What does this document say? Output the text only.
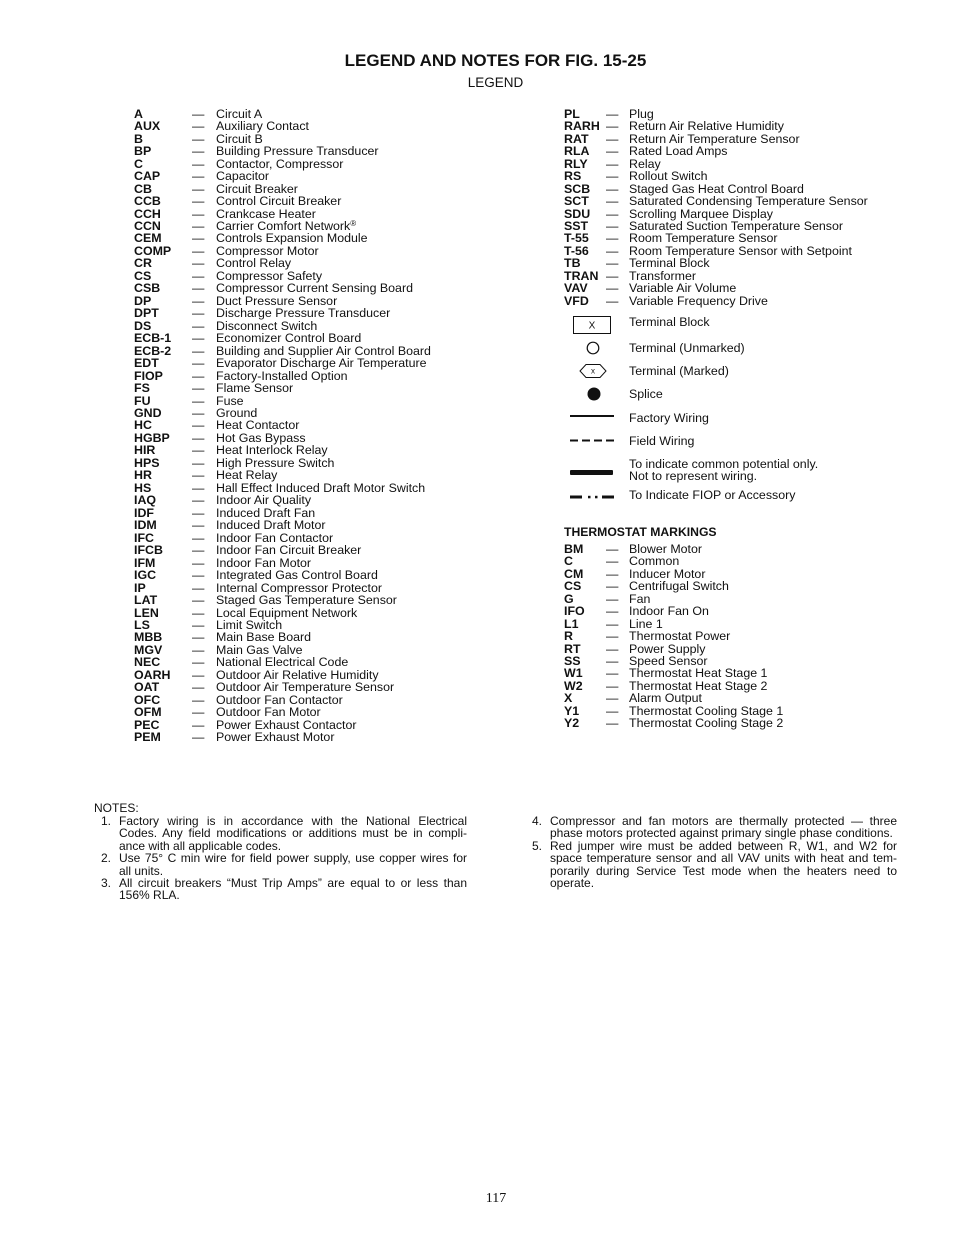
LEGEND AND NOTES FOR FIG. 15-25
LEGEND
A	— Circuit A
AUX	— Auxiliary Contact
B	— Circuit B
BP	— Building Pressure Transducer
C	— Contactor, Compressor
CAP	— Capacitor
CB	— Circuit Breaker
CCB	— Control Circuit Breaker
CCH	— Crankcase Heater
CCN	— Carrier Comfort Network®
CEM — Controls Expansion Module
COMP — Compressor Motor
CR	— Control Relay
CS	— Compressor Safety
CSB	— Compressor Current Sensing Board
DP	— Duct Pressure Sensor
DPT	— Discharge Pressure Transducer
DS	— Disconnect Switch
ECB-1 — Economizer Control Board
ECB-2 — Building and Supplier Air Control Board
EDT	— Evaporator Discharge Air Temperature
FIOP — Factory-Installed Option
FS	— Flame Sensor
FU	— Fuse
GND — Ground
HC	— Heat Contactor
HGBP — Hot Gas Bypass
HIR	— Heat Interlock Relay
HPS	— High Pressure Switch
HR	— Heat Relay
HS	— Hall Effect Induced Draft Motor Switch
IAQ	— Indoor Air Quality
IDF	— Induced Draft Fan
IDM	— Induced Draft Motor
IFC	— Indoor Fan Contactor
IFCB — Indoor Fan Circuit Breaker
IFM	— Indoor Fan Motor
IGC	— Integrated Gas Control Board
IP	— Internal Compressor Protector
LAT	— Staged Gas Temperature Sensor
LEN	— Local Equipment Network
LS	— Limit Switch
MBB — Main Base Board
MGV — Main Gas Valve
NEC	— National Electrical Code
OARH — Outdoor Air Relative Humidity
OAT	— Outdoor Air Temperature Sensor
OFC	— Outdoor Fan Contactor
OFM — Outdoor Fan Motor
PEC	— Power Exhaust Contactor
PEM	— Power Exhaust Motor
PL — Plug
RARH — Return Air Relative Humidity
RAT — Return Air Temperature Sensor
RLA — Rated Load Amps
RLY — Relay
RS — Rollout Switch
SCB — Staged Gas Heat Control Board
SCT — Saturated Condensing Temperature Sensor
SDU — Scrolling Marquee Display
SST — Saturated Suction Temperature Sensor
T-55 — Room Temperature Sensor
T-56 — Room Temperature Sensor with Setpoint
TB — Terminal Block
TRAN — Transformer
VAV — Variable Air Volume
VFD — Variable Frequency Drive
X	Terminal Block
Terminal (Unmarked)
x	Terminal (Marked)
Splice
Factory Wiring
Field Wiring
To indicate common potential only.
Not to represent wiring.
To Indicate FIOP or Accessory
THERMOSTAT MARKINGS
BM — Blower Motor
C	— Common
CM — Inducer Motor
CS — Centrifugal Switch
G	— Fan
IFO — Indoor Fan On
L1 — Line 1
R	— Thermostat Power
RT — Power Supply
SS — Speed Sensor
W1 — Thermostat Heat Stage 1
W2 — Thermostat Heat Stage 2
X	— Alarm Output
Y1 — Thermostat Cooling Stage 1
Y2 — Thermostat Cooling Stage 2
NOTES:
1. Factory wiring is in accordance with the National Electrical
Codes. Any field modifications or additions must be in compli-
ance with all applicable codes.
2. Use 75° C min wire for field power supply, use copper wires for
all units.
3. All circuit breakers “Must Trip Amps” are equal to or less than
156% RLA.
4. Compressor and fan motors are thermally protected — three
phase motors protected against primary single phase conditions.
5. Red jumper wire must be added between R, W1, and W2 for
space temperature sensor and all VAV units with heat and tem-
porarily during Service Test mode when the heaters need to
operate.
117
